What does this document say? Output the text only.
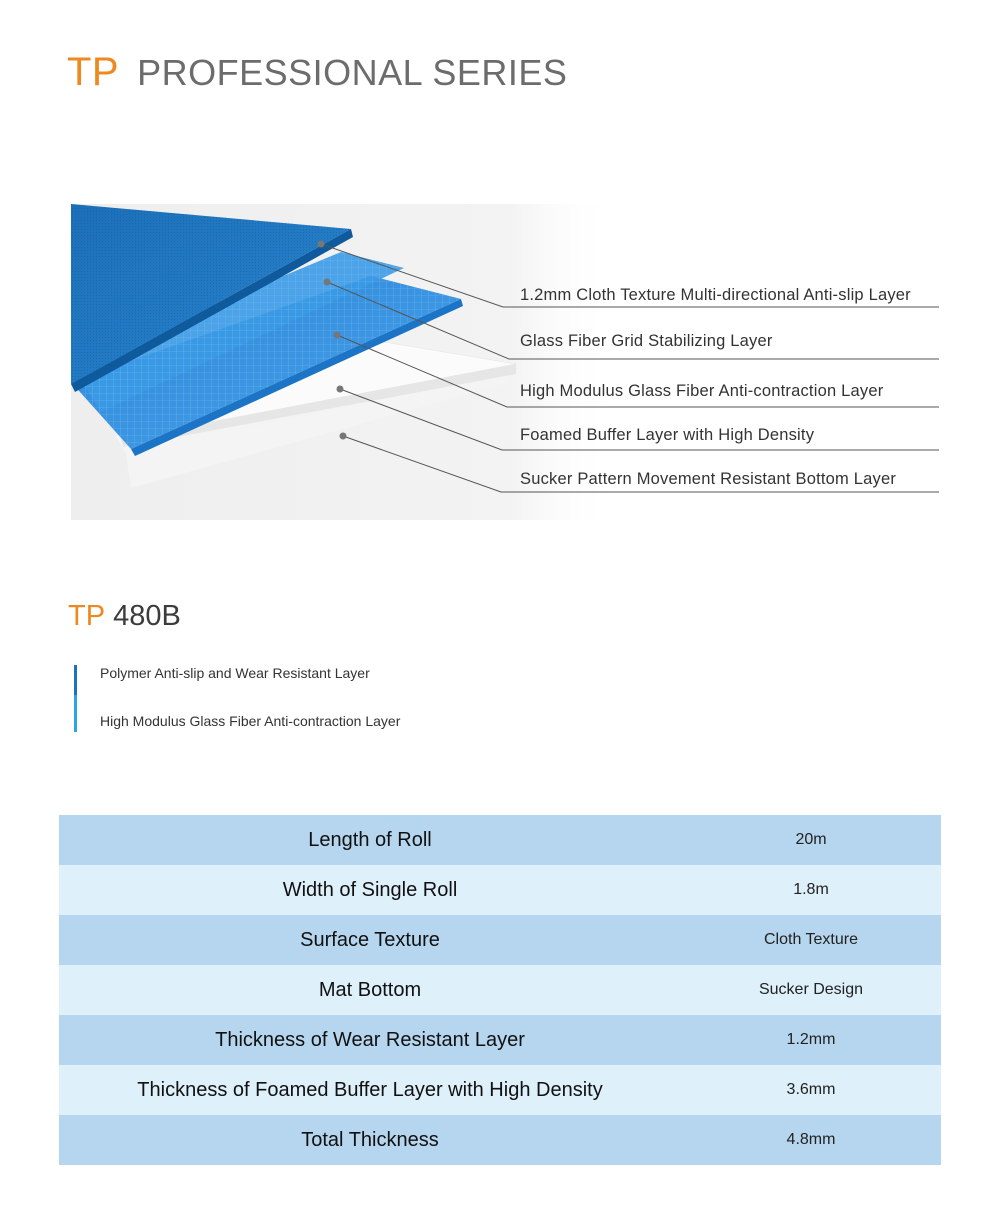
TP PROFESSIONAL SERIES
1.2mm Cloth Texture Multi-directional Anti-slip Layer
Glass Fiber Grid Stabilizing Layer
High Modulus Glass Fiber Anti-contraction Layer
Foamed Buffer Layer with High Density
Sucker Pattern Movement Resistant Bottom Layer
TP 480B
Polymer Anti-slip and Wear Resistant Layer
High Modulus Glass Fiber Anti-contraction Layer
Length of Roll	20m
Width of Single Roll	1.8m
Surface Texture	Cloth Texture
Mat Bottom	Sucker Design
Thickness of Wear Resistant Layer	1.2mm
Thickness of Foamed Buffer Layer with High Density	3.6mm
Total Thickness	4.8mm
